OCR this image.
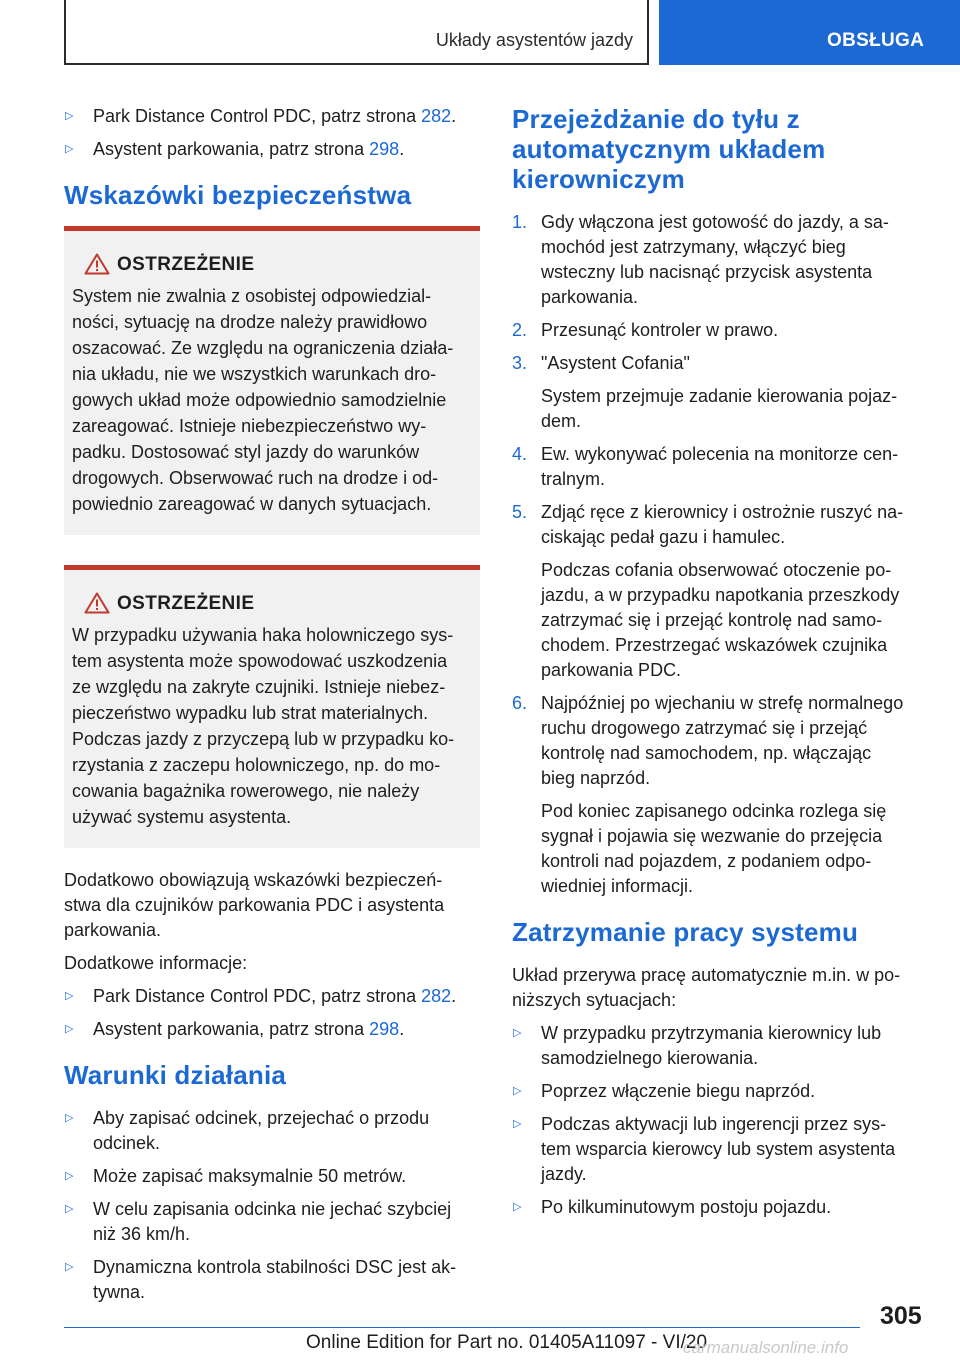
Układy asystentów jazdy	OBSŁUGA
▷ Park Distance Control PDC, patrz strona 282.
▷ Asystent parkowania, patrz strona 298.
Wskazówki bezpieczeństwa
OSTRZEŻENIE

System nie zwalnia z osobistej odpowiedzial-
ności, sytuację na drodze należy prawidłowo
oszacować. Ze względu na ograniczenia działa-
nia układu, nie we wszystkich warunkach dro-
gowych układ może odpowiednio samodzielnie
zareagować. Istnieje niebezpieczeństwo wy-
padku. Dostosować styl jazdy do warunków
drogowych. Obserwować ruch na drodze i od-
powiednio zareagować w danych sytuacjach.

OSTRZEŻENIE

W przypadku używania haka holowniczego sys-
tem asystenta może spowodować uszkodzenia
ze względu na zakryte czujniki. Istnieje niebez-
pieczeństwo wypadku lub strat materialnych.
Podczas jazdy z przyczepą lub w przypadku ko-
rzystania z zaczepu holowniczego, np. do mo-
cowania bagażnika rowerowego, nie należy
używać systemu asystenta.

Dodatkowo obowiązują wskazówki bezpieczeń-
stwa dla czujników parkowania PDC i asystenta
parkowania.

Dodatkowe informacje:

▷ Park Distance Control PDC, patrz strona 282.
▷ Asystent parkowania, patrz strona 298.
Warunki działania
▷ Aby zapisać odcinek, przejechać o przodu
odcinek.
▷ Może zapisać maksymalnie 50 metrów.
▷ W celu zapisania odcinka nie jechać szybciej
niż 36 km/h.
▷ Dynamiczna kontrola stabilności DSC jest ak-
tywna.
Przejeżdżanie do tyłu z
automatycznym układem
kierowniczym
1. Gdy włączona jest gotowość do jazdy, a sa-
mochód jest zatrzymany, włączyć bieg
wsteczny lub nacisnąć przycisk asystenta
parkowania.
2. Przesunąć kontroler w prawo.
3. "Asystent Cofania"
System przejmuje zadanie kierowania pojaz-
dem.
4. Ew. wykonywać polecenia na monitorze cen-
tralnym.
5. Zdjąć ręce z kierownicy i ostrożnie ruszyć na-
ciskając pedał gazu i hamulec.
Podczas cofania obserwować otoczenie po-
jazdu, a w przypadku napotkania przeszkody
zatrzymać się i przejąć kontrolę nad samo-
chodem. Przestrzegać wskazówek czujnika
parkowania PDC.
6. Najpóźniej po wjechaniu w strefę normalnego
ruchu drogowego zatrzymać się i przejąć
kontrolę nad samochodem, np. włączając
bieg naprzód.
Pod koniec zapisanego odcinka rozlega się
sygnał i pojawia się wezwanie do przejęcia
kontroli nad pojazdem, z podaniem odpo-
wiedniej informacji.
Zatrzymanie pracy systemu

Układ przerywa pracę automatycznie m.in. w po-
niższych sytuacjach:

▷ W przypadku przytrzymania kierownicy lub
samodzielnego kierowania.
▷ Poprzez włączenie biegu naprzód.
▷ Podczas aktywacji lub ingerencji przez sys-
tem wsparcia kierowcy lub system asystenta
jazdy.
▷ Po kilkuminutowym postoju pojazdu.
305
Online Edition for Part no. 01405A11097 - VI/20
carmanualsonline.info
